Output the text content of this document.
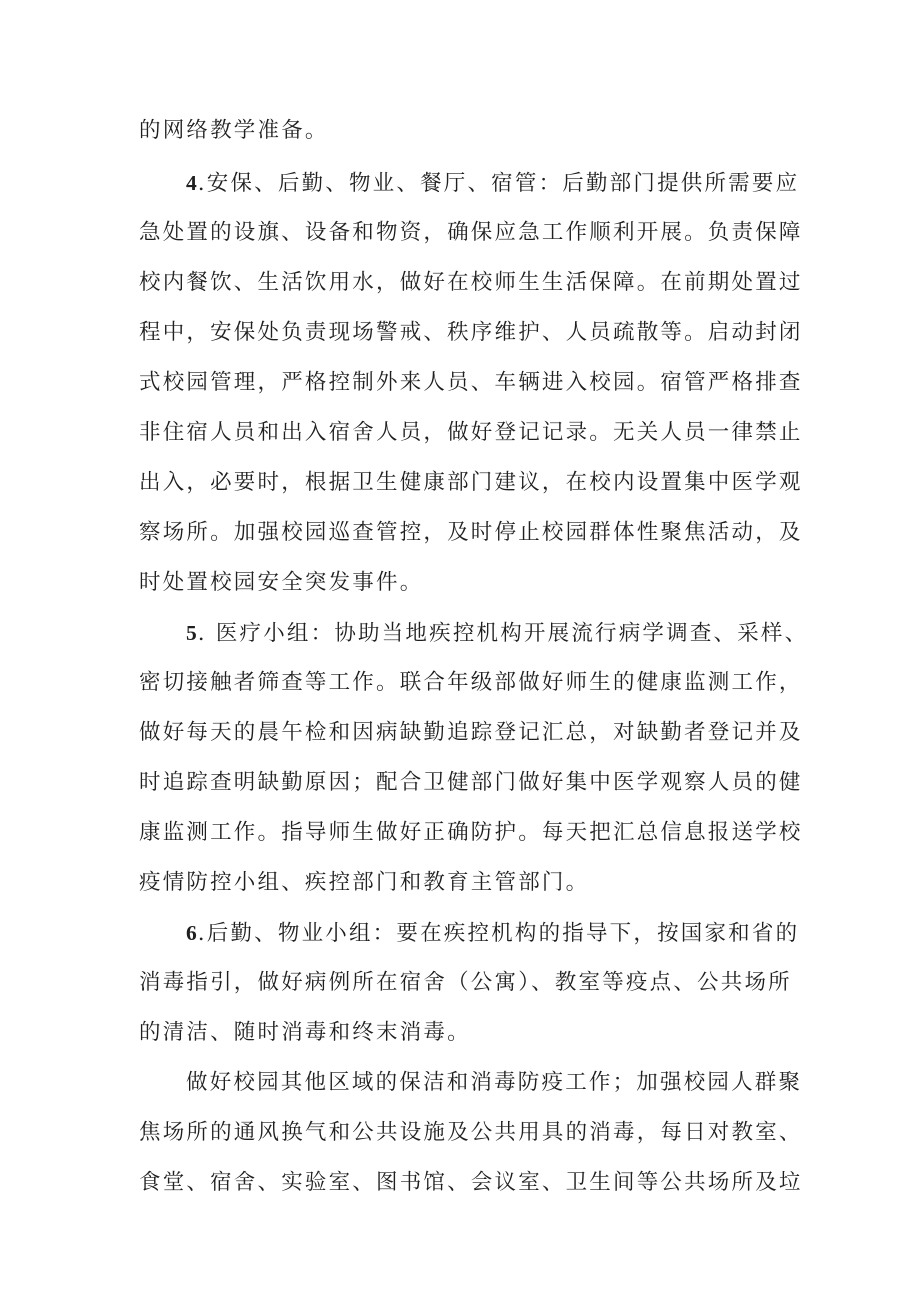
的网络教学准备。
4.安保、后勤、物业、餐厅、宿管：后勤部门提供所需要应
急处置的设旗、设备和物资，确保应急工作顺利开展。负责保障
校内餐饮、生活饮用水，做好在校师生生活保障。在前期处置过
程中，安保处负责现场警戒、秩序维护、人员疏散等。启动封闭
式校园管理，严格控制外来人员、车辆进入校园。宿管严格排查
非住宿人员和出入宿舍人员，做好登记记录。无关人员一律禁止
出入，必要时，根据卫生健康部门建议，在校内设置集中医学观
察场所。加强校园巡查管控，及时停止校园群体性聚焦活动，及
时处置校园安全突发事件。
5. 医疗小组：协助当地疾控机构开展流行病学调查、采样、
密切接触者筛查等工作。联合年级部做好师生的健康监测工作，
做好每天的晨午检和因病缺勤追踪登记汇总，对缺勤者登记并及
时追踪查明缺勤原因；配合卫健部门做好集中医学观察人员的健
康监测工作。指导师生做好正确防护。每天把汇总信息报送学校
疫情防控小组、疾控部门和教育主管部门。
6.后勤、物业小组：要在疾控机构的指导下，按国家和省的
消毒指引，做好病例所在宿舍（公寓）、教室等疫点、公共场所
的清洁、随时消毒和终末消毒。
做好校园其他区域的保洁和消毒防疫工作；加强校园人群聚
焦场所的通风换气和公共设施及公共用具的消毒，每日对教室、
食堂、宿舍、实验室、图书馆、会议室、卫生间等公共场所及垃
